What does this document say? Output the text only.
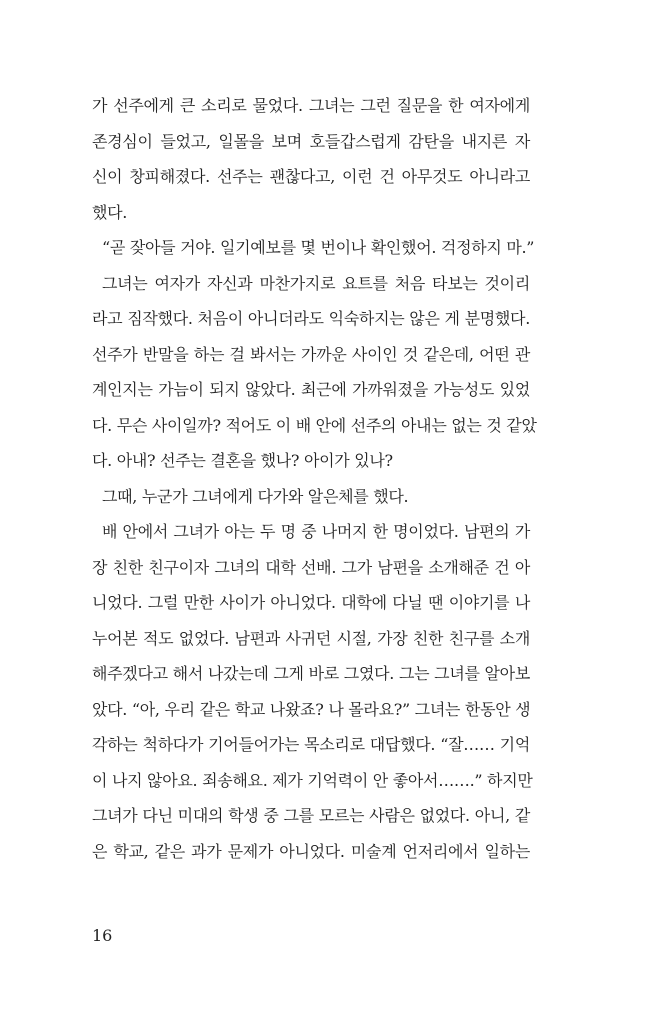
가 선주에게 큰 소리로 물었다. 그녀는 그런 질문을 한 여자에게
존경심이 들었고, 일몰을 보며 호들갑스럽게 감탄을 내지른 자
신이 창피해졌다. 선주는 괜찮다고, 이런 건 아무것도 아니라고
했다.
“곧 잦아들 거야. 일기예보를 몇 번이나 확인했어. 걱정하지 마.”
그녀는 여자가 자신과 마찬가지로 요트를 처음 타보는 것이리
라고 짐작했다. 처음이 아니더라도 익숙하지는 않은 게 분명했다.
선주가 반말을 하는 걸 봐서는 가까운 사이인 것 같은데, 어떤 관
계인지는 가늠이 되지 않았다. 최근에 가까워졌을 가능성도 있었
다. 무슨 사이일까? 적어도 이 배 안에 선주의 아내는 없는 것 같았
다. 아내? 선주는 결혼을 했나? 아이가 있나?
그때, 누군가 그녀에게 다가와 알은체를 했다.
배 안에서 그녀가 아는 두 명 중 나머지 한 명이었다. 남편의 가
장 친한 친구이자 그녀의 대학 선배. 그가 남편을 소개해준 건 아
니었다. 그럴 만한 사이가 아니었다. 대학에 다닐 땐 이야기를 나
누어본 적도 없었다. 남편과 사귀던 시절, 가장 친한 친구를 소개
해주겠다고 해서 나갔는데 그게 바로 그였다. 그는 그녀를 알아보
았다. “아, 우리 같은 학교 나왔죠? 나 몰라요?” 그녀는 한동안 생
각하는 척하다가 기어들어가는 목소리로 대답했다. “잘…… 기억
이 나지 않아요. 죄송해요. 제가 기억력이 안 좋아서…….” 하지만
그녀가 다닌 미대의 학생 중 그를 모르는 사람은 없었다. 아니, 같
은 학교, 같은 과가 문제가 아니었다. 미술계 언저리에서 일하는
16
